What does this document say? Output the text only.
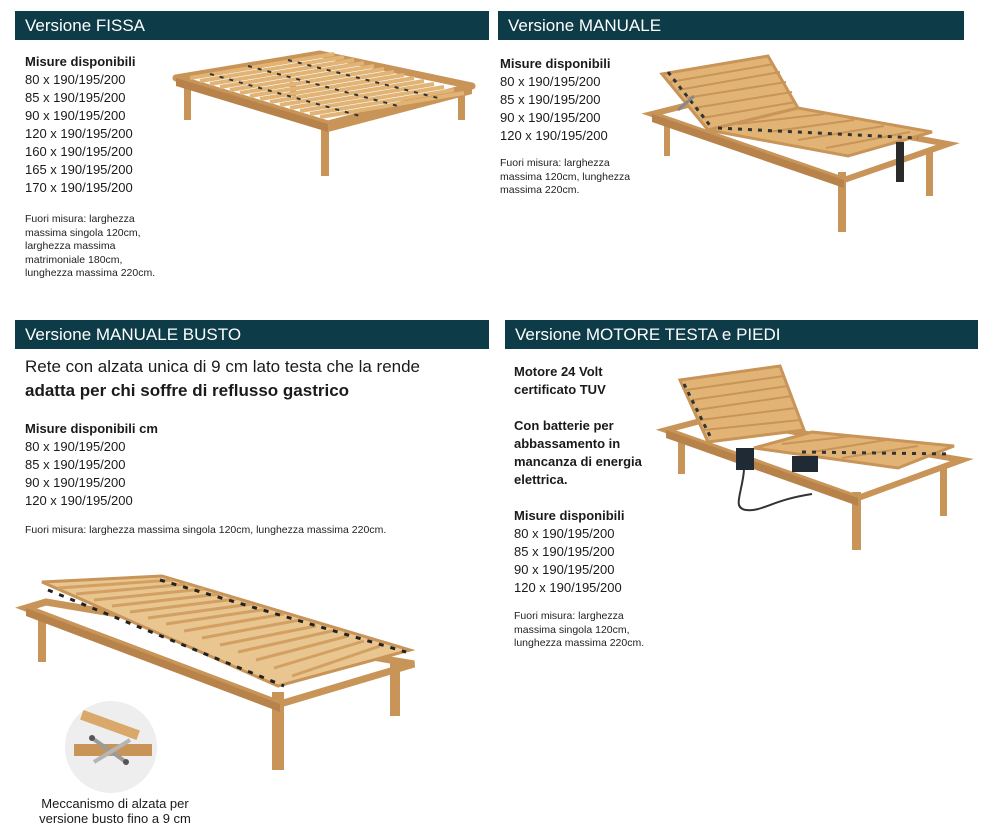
Versione FISSA
Misure disponibili
80 x 190/195/200
85 x 190/195/200
90 x 190/195/200
120 x 190/195/200
160 x 190/195/200
165 x 190/195/200
170 x 190/195/200
Fuori misura: larghezza
massima singola 120cm,
larghezza massima
matrimoniale 180cm,
lunghezza massima 220cm.
Versione MANUALE
Misure disponibili
80 x 190/195/200
85 x 190/195/200
90 x 190/195/200
120 x 190/195/200
Fuori misura: larghezza
massima 120cm, lunghezza
massima 220cm.
Versione MANUALE BUSTO
Rete con alzata unica di 9 cm lato testa che la rende
adatta per chi soffre di reflusso gastrico
Misure disponibili cm
80 x 190/195/200
85 x 190/195/200
90 x 190/195/200
120 x 190/195/200
Fuori misura: larghezza massima singola 120cm, lunghezza massima 220cm.
Meccanismo di alzata per
versione busto fino a 9 cm
Versione MOTORE TESTA e PIEDI
Motore 24 Volt
certificato TUV
Con batterie per
abbassamento in
mancanza di energia
elettrica.
Misure disponibili
80 x 190/195/200
85 x 190/195/200
90 x 190/195/200
120 x 190/195/200
Fuori misura: larghezza
massima singola 120cm,
lunghezza massima 220cm.
